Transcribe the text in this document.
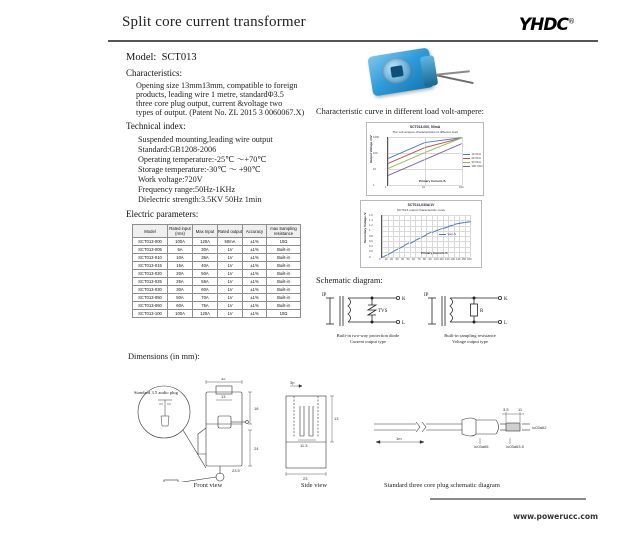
Split core current transformer	YHDC®
Model: SCT013
Characteristics:
Opening size 13mm13mm, compatible to foreign
products, leading wire 1 metre, standardΦ3.5
three core plug output, current &voltage two
types of output. (Patent No. ZL 2015 3 0060067.X)
Technical index:
Suspended mounting,leading wire output
Standard:GB1208-2006
Operating temperature:-25℃ ～+70℃
Storage temperature:-30℃ ～ +90℃
Work voltage:720V
Frequency range:50Hz-1KHz
Dielectric strength:3.5KV 50Hz 1min
Electric parameters:
Model	Rated input (rms)	Max Input	Rated output	Accuracy	max Sampling resistance
SCT013-000	100A	120A	50mA	±1%	10Ω
SCT013-005	5A	30A	1V	±1%	Built-in
SCT013-010	10A	35A	1V	±1%	Built-in
SCT013-015	15A	40A	1V	±1%	Built-in
SCT013-020	20A	50A	1V	±1%	Built-in
SCT013-025	25A	55A	1V	±1%	Built-in
SCT013-030	30A	60A	1V	±1%	Built-in
SCT013-050	50A	70A	1V	±1%	Built-in
SCT013-060	60A	75A	1V	±1%	Built-in
SCT013-100	100A	120A	1V	±1%	10Ω
Characteristic curve in different load volt-ampere:
SCT013-000, 50mA
The volt-ampere characteristics of different load
Primary Current /A
Output Voltage /mV	10 Ohm
20 Ohm
33 Ohm
100 Ohm
1000
100
10
1
1	10	100
SCT013-030A/1V
SCT013 output characteristic curve
Primary Current /A
Secondary Voltage /V	Vout /V
0
0.2
0.4
0.6
0.8
1
1.2
1.4
1.6
0 10 20 30 40 50 60 70 80 90 100 110 120 130 140 150 160
Schematic diagram:
IP
K
L
TVS
IP
K
L
R
Built-in two-way protection diode
Current output type
Built-in sampling resistance
Voltage output type
Dimensions (in mm):
32
13
18
24
23.5
Standard 3.5 audio plug
Front view
3p
13
11.3
23
Side view
1m
3.5 11
\u03a66	\u03a63.5
\u03a62
Standard three core plug schematic diagram
www.powerucc.com
